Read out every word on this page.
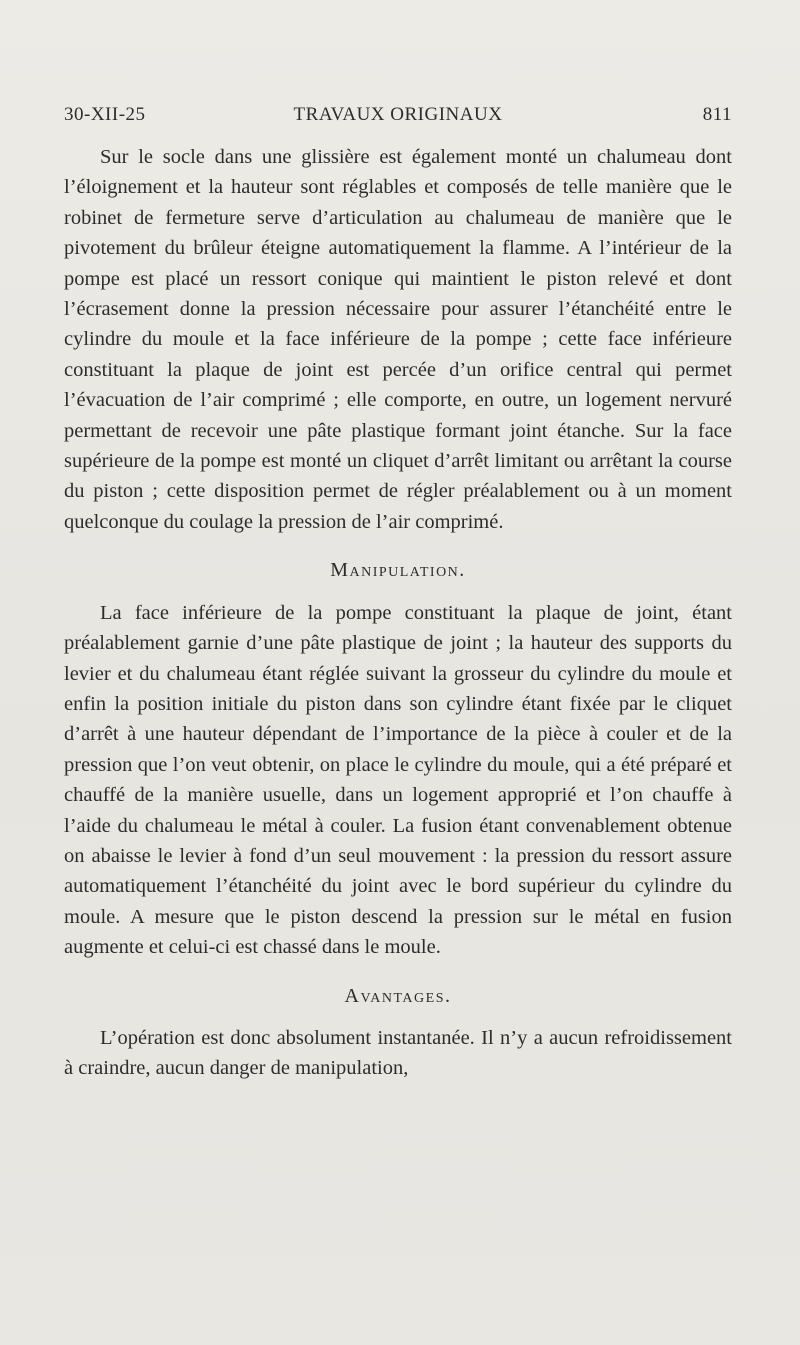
30-XII-25	TRAVAUX ORIGINAUX	811

Sur le socle dans une glissière est également monté un chalumeau dont l’éloignement et la hauteur sont réglables et composés de telle manière que le robinet de fermeture serve d’articulation au chalumeau de manière que le pivotement du brûleur éteigne automatiquement la flamme. A l’intérieur de la pompe est placé un ressort conique qui maintient le piston relevé et dont l’écrasement donne la pression nécessaire pour assurer l’étanchéité entre le cylindre du moule et la face inférieure de la pompe ; cette face inférieure constituant la plaque de joint est percée d’un orifice central qui permet l’évacuation de l’air comprimé ; elle comporte, en outre, un logement nervuré permettant de recevoir une pâte plastique formant joint étanche. Sur la face supérieure de la pompe est monté un cliquet d’arrêt limitant ou arrêtant la course du piston ; cette disposition permet de régler préalablement ou à un moment quelconque du coulage la pression de l’air comprimé.

Manipulation.

La face inférieure de la pompe constituant la plaque de joint, étant préalablement garnie d’une pâte plastique de joint ; la hauteur des supports du levier et du chalumeau étant réglée suivant la grosseur du cylindre du moule et enfin la position initiale du piston dans son cylindre étant fixée par le cliquet d’arrêt à une hauteur dépendant de l’importance de la pièce à couler et de la pression que l’on veut obtenir, on place le cylindre du moule, qui a été préparé et chauffé de la manière usuelle, dans un logement approprié et l’on chauffe à l’aide du chalumeau le métal à couler. La fusion étant convenablement obtenue on abaisse le levier à fond d’un seul mouvement : la pression du ressort assure automatiquement l’étanchéité du joint avec le bord supérieur du cylindre du moule. A mesure que le piston descend la pression sur le métal en fusion augmente et celui-ci est chassé dans le moule.

Avantages.

L’opération est donc absolument instantanée. Il n’y a aucun refroidissement à craindre, aucun danger de manipulation,
